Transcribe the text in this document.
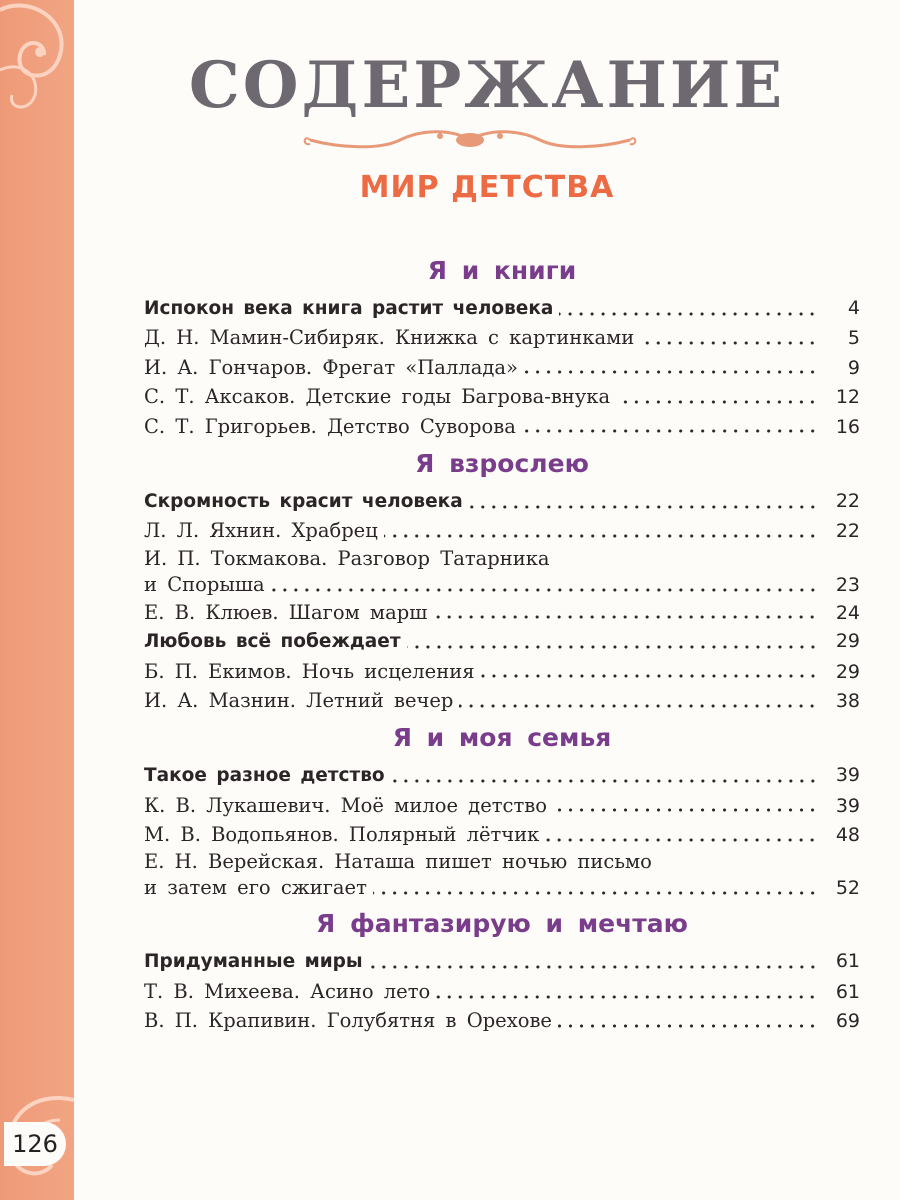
126
СОДЕРЖАНИЕ
МИР ДЕТСТВА
Я и книги
Испокон века книга растит человека	4
Д. Н. Мамин-Сибиряк. Книжка с картинками	5
И. А. Гончаров. Фрегат «Паллада»	9
С. Т. Аксаков. Детские годы Багрова-внука	12
С. Т. Григорьев. Детство Суворова	16
Я взрослею
Скромность красит человека	22
Л. Л. Яхнин. Храбрец	22
И. П. Токмакова. Разговор Татарника
и Спорыша	23
Е. В. Клюев. Шагом марш	24
Любовь всё побеждает	29
Б. П. Екимов. Ночь исцеления	29
И. А. Мазнин. Летний вечер	38
Я и моя семья
Такое разное детство	39
К. В. Лукашевич. Моё милое детство	39
М. В. Водопьянов. Полярный лётчик	48
Е. Н. Верейская. Наташа пишет ночью письмо
и затем его сжигает	52
Я фантазирую и мечтаю
Придуманные миры	61
Т. В. Михеева. Асино лето	61
В. П. Крапивин. Голубятня в Орехове	69
